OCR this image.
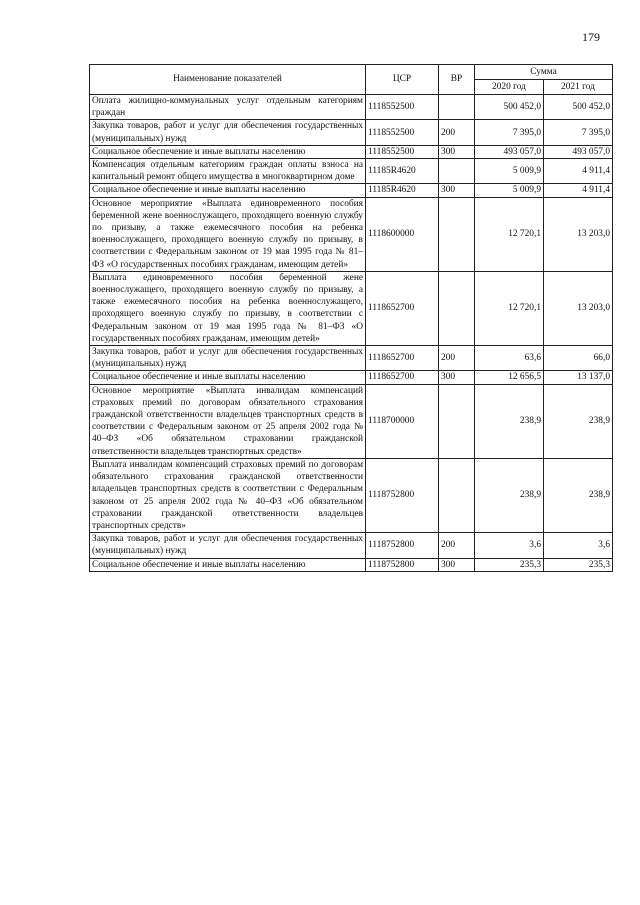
179
Наименование показателей	ЦСР	ВР	Сумма	
			2020 год	2021 год
Оплата жилищно-коммунальных услуг отдельным категориям граждан	1118552500		500 452,0	500 452,0
Закупка товаров, работ и услуг для обеспечения государственных (муниципальных) нужд	1118552500	200	7 395,0	7 395,0
Социальное обеспечение и иные выплаты населению	1118552500	300	493 057,0	493 057,0
Компенсация отдельным категориям граждан оплаты взноса на капитальный ремонт общего имущества в многоквартирном доме	11185R4620		5 009,9	4 911,4
Социальное обеспечение и иные выплаты населению	11185R4620	300	5 009,9	4 911,4
Основное мероприятие «Выплата единовременного пособия беременной жене военнослужащего, проходящего военную службу по призыву, а также ежемесячного пособия на ребенка военнослужащего, проходящего военную службу по призыву, в соответствии с Федеральным законом от 19 мая 1995 года № 81–ФЗ «О государственных пособиях гражданам, имеющим детей»	1118600000		12 720,1	13 203,0
Выплата единовременного пособия беременной жене военнослужащего, проходящего военную службу по призыву, а также ежемесячного пособия на ребенка военнослужащего, проходящего военную службу по призыву, в соответствии с Федеральным законом от 19 мая 1995 года № 81–ФЗ «О государственных пособиях гражданам, имеющим детей»	1118652700		12 720,1	13 203,0
Закупка товаров, работ и услуг для обеспечения государственных (муниципальных) нужд	1118652700	200	63,6	66,0
Социальное обеспечение и иные выплаты населению	1118652700	300	12 656,5	13 137,0
Основное мероприятие «Выплата инвалидам компенсаций страховых премий по договорам обязательного страхования гражданской ответственности владельцев транспортных средств в соответствии с Федеральным законом от 25 апреля 2002 года № 40–ФЗ «Об обязательном страховании гражданской ответственности владельцев транспортных средств»	1118700000		238,9	238,9
Выплата инвалидам компенсаций страховых премий по договорам обязательного страхования гражданской ответственности владельцев транспортных средств в соответствии с Федеральным законом от 25 апреля 2002 года № 40–ФЗ «Об обязательном страховании гражданской ответственности владельцев транспортных средств»	1118752800		238,9	238,9
Закупка товаров, работ и услуг для обеспечения государственных (муниципальных) нужд	1118752800	200	3,6	3,6
Социальное обеспечение и иные выплаты населению	1118752800	300	235,3	235,3
